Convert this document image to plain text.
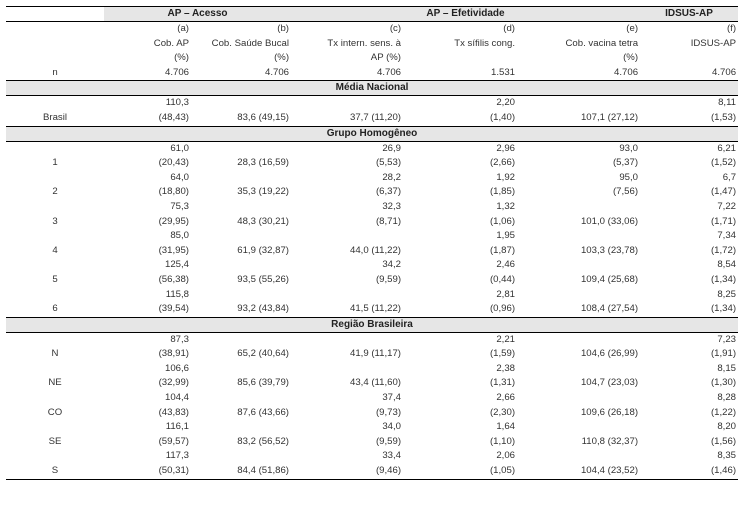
	AP – Acesso		AP – Efetividade			IDSUS-AP
	(a)	(b)	(c)	(d)	(e)	(f)
	Cob. AP	Cob. Saúde Bucal	Tx intern. sens. à	Tx sífilis cong.	Cob. vacina tetra	IDSUS-AP
	(%)	(%)	AP (%)		(%)	
n	4.706	4.706	4.706	1.531	4.706	4.706
Média Nacional						
	110,3			2,20		8,11
Brasil	(48,43)	83,6 (49,15)	37,7 (11,20)	(1,40)	107,1 (27,12)	(1,53)
Grupo Homogêneo						
	61,0		26,9	2,96	93,0	6,21
1	(20,43)	28,3 (16,59)	(5,53)	(2,66)	(5,37)	(1,52)
	64,0		28,2	1,92	95,0	6,7
2	(18,80)	35,3 (19,22)	(6,37)	(1,85)	(7,56)	(1,47)
	75,3		32,3	1,32		7,22
3	(29,95)	48,3 (30,21)	(8,71)	(1,06)	101,0 (33,06)	(1,71)
	85,0			1,95		7,34
4	(31,95)	61,9 (32,87)	44,0 (11,22)	(1,87)	103,3 (23,78)	(1,72)
	125,4		34,2	2,46		8,54
5	(56,38)	93,5 (55,26)	(9,59)	(0,44)	109,4 (25,68)	(1,34)
	115,8			2,81		8,25
6	(39,54)	93,2 (43,84)	41,5 (11,22)	(0,96)	108,4 (27,54)	(1,34)
Região Brasileira						
	87,3			2,21		7,23
N	(38,91)	65,2 (40,64)	41,9 (11,17)	(1,59)	104,6 (26,99)	(1,91)
	106,6			2,38		8,15
NE	(32,99)	85,6 (39,79)	43,4 (11,60)	(1,31)	104,7 (23,03)	(1,30)
	104,4		37,4	2,66		8,28
CO	(43,83)	87,6 (43,66)	(9,73)	(2,30)	109,6 (26,18)	(1,22)
	116,1		34,0	1,64		8,20
SE	(59,57)	83,2 (56,52)	(9,59)	(1,10)	110,8 (32,37)	(1,56)
	117,3		33,4	2,06		8,35
S	(50,31)	84,4 (51,86)	(9,46)	(1,05)	104,4 (23,52)	(1,46)
